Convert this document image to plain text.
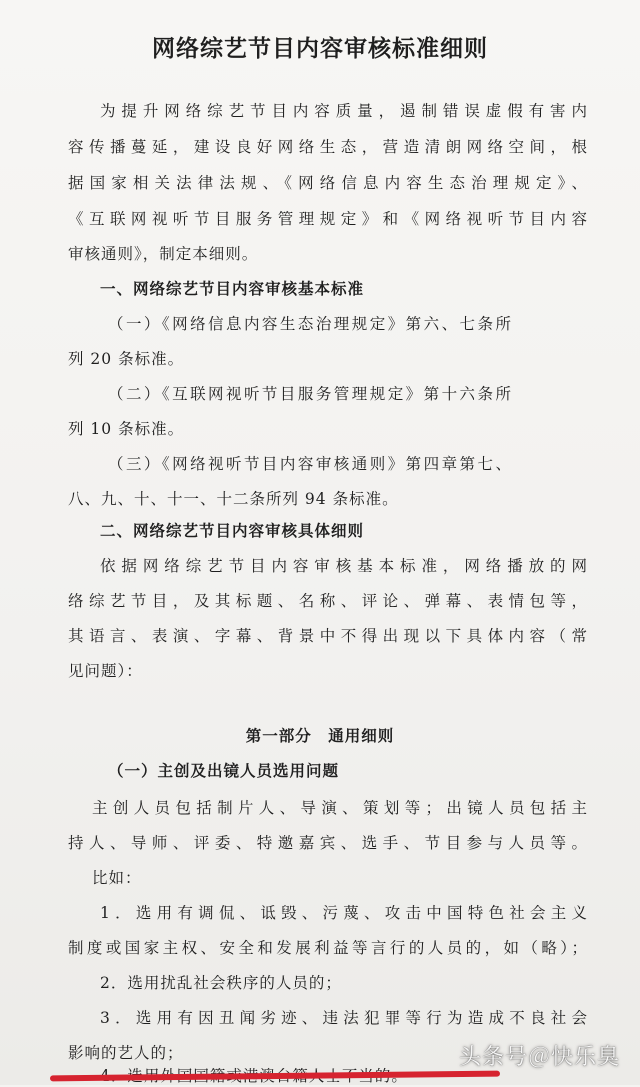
网络综艺节目内容审核标准细则
为提升网络综艺节目内容质量，遏制错误虚假有害内
容传播蔓延，建设良好网络生态，营造清朗网络空间，根
据国家相关法律法规、《网络信息内容生态治理规定》、
《互联网视听节目服务管理规定》和《网络视听节目内容
审核通则》，制定本细则。
一、网络综艺节目内容审核基本标准
（一）《网络信息内容生态治理规定》第六、七条所
列 20 条标准。
（二）《互联网视听节目服务管理规定》第十六条所
列 10 条标准。
（三）《网络视听节目内容审核通则》第四章第七、
八、九、十、十一、十二条所列 94 条标准。
二、网络综艺节目内容审核具体细则
依据网络综艺节目内容审核基本标准，网络播放的网
络综艺节目，及其标题、名称、评论、弹幕、表情包等，
其语言、表演、字幕、背景中不得出现以下具体内容（常
见问题）：
第一部分　通用细则
（一）主创及出镜人员选用问题
主创人员包括制片人、导演、策划等；出镜人员包括主
持人、导师、评委、特邀嘉宾、选手、节目参与人员等。
比如：
1．选用有调侃、诋毁、污蔑、攻击中国特色社会主义
制度或国家主权、安全和发展利益等言行的人员的，如（略）；
2．选用扰乱社会秩序的人员的；
3．选用有因丑闻劣迹、违法犯罪等行为造成不良社会
影响的艺人的；	头条号＠快乐臭
